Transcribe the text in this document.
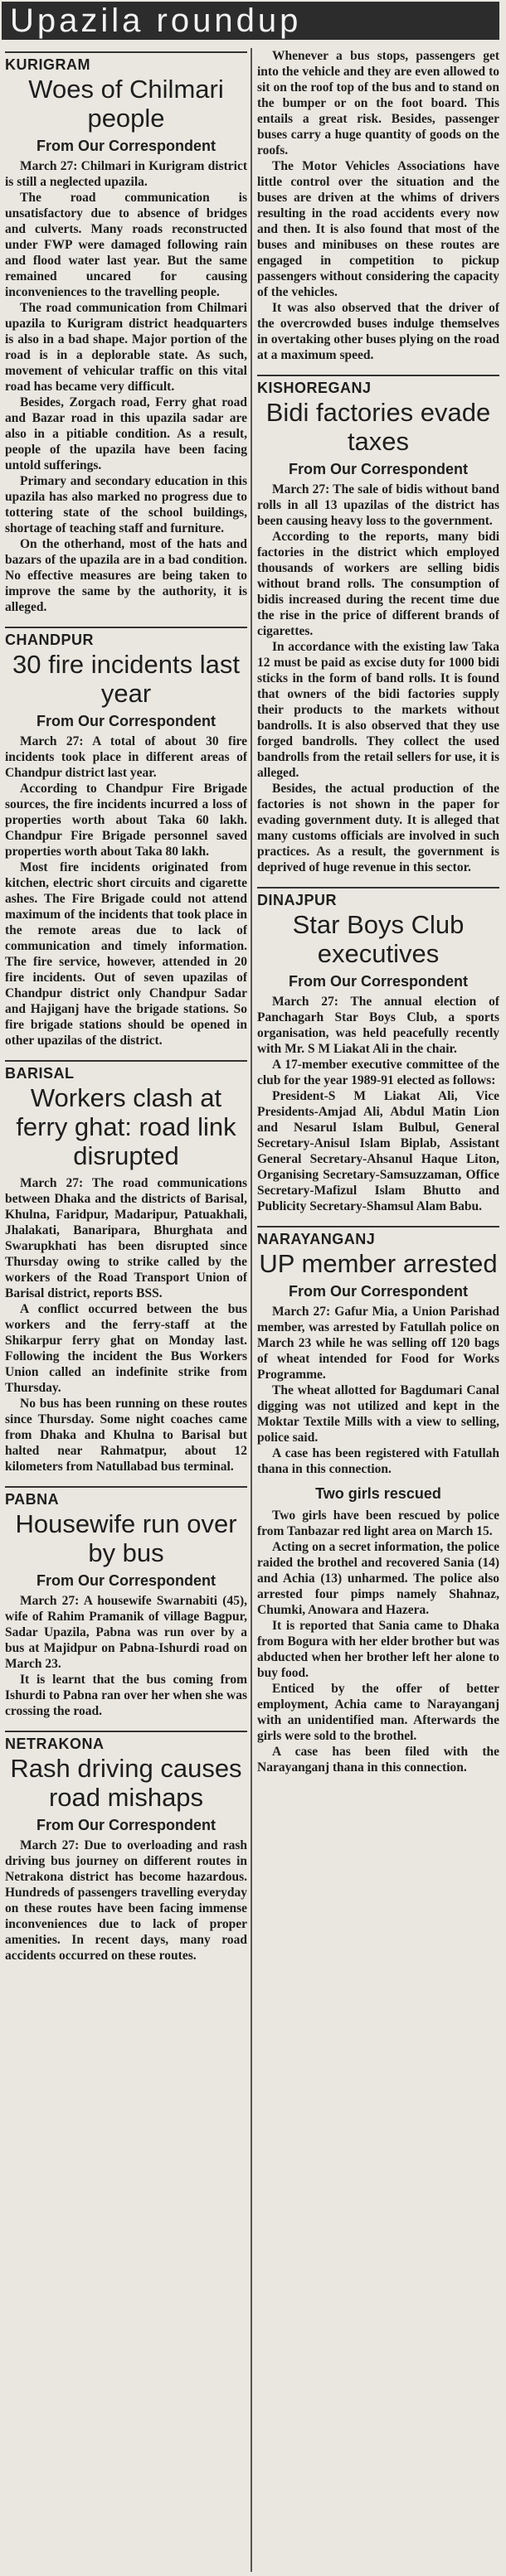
Upazila roundup
KURIGRAM
Woes of Chilmari people
From Our Correspondent

March 27: Chilmari in Kurigram district is still a neglected upazila.

The road communication is unsatisfactory due to absence of bridges and culverts. Many roads reconstructed under FWP were damaged following rain and flood water last year. But the same remained uncared for causing inconveniences to the travelling people.

The road communication from Chilmari upazila to Kurigram district headquarters is also in a bad shape. Major portion of the road is in a deplorable state. As such, movement of vehicular traffic on this vital road has became very difficult.

Besides, Zorgach road, Ferry ghat road and Bazar road in this upazila sadar are also in a pitiable condition. As a result, people of the upazila have been facing untold sufferings.

Primary and secondary education in this upazila has also marked no progress due to tottering state of the school buildings, shortage of teaching staff and furniture.

On the otherhand, most of the hats and bazars of the upazila are in a bad condition. No effective measures are being taken to improve the same by the authority, it is alleged.

CHANDPUR
30 fire incidents last year
From Our Correspondent

March 27: A total of about 30 fire incidents took place in different areas of Chandpur district last year.

According to Chandpur Fire Brigade sources, the fire incidents incurred a loss of properties worth about Taka 60 lakh. Chandpur Fire Brigade personnel saved properties worth about Taka 80 lakh.

Most fire incidents originated from kitchen, electric short circuits and cigarette ashes. The Fire Brigade could not attend maximum of the incidents that took place in the remote areas due to lack of communication and timely information. The fire service, however, attended in 20 fire incidents. Out of seven upazilas of Chandpur district only Chandpur Sadar and Hajiganj have the brigade stations. So fire brigade stations should be opened in other upazilas of the district.

BARISAL
Workers clash at ferry ghat: road link disrupted

March 27: The road communications between Dhaka and the districts of Barisal, Khulna, Faridpur, Madaripur, Patuakhali, Jhalakati, Banaripara, Bhurghata and Swarupkhati has been disrupted since Thursday owing to strike called by the workers of the Road Transport Union of Barisal district, reports BSS.

A conflict occurred between the bus workers and the ferry-staff at the Shikarpur ferry ghat on Monday last. Following the incident the Bus Workers Union called an indefinite strike from Thursday.

No bus has been running on these routes since Thursday. Some night coaches came from Dhaka and Khulna to Barisal but halted near Rahmatpur, about 12 kilometers from Natullabad bus terminal.

PABNA
Housewife run over by bus
From Our Correspondent

March 27: A housewife Swarnabiti (45), wife of Rahim Pramanik of village Bagpur, Sadar Upazila, Pabna was run over by a bus at Majidpur on Pabna-Ishurdi road on March 23.

It is learnt that the bus coming from Ishurdi to Pabna ran over her when she was crossing the road.

NETRAKONA
Rash driving causes road mishaps
From Our Correspondent

March 27: Due to overloading and rash driving bus journey on different routes in Netrakona district has become hazardous. Hundreds of passengers travelling everyday on these routes have been facing immense inconveniences due to lack of proper amenities. In recent days, many road accidents occurred on these routes.

Whenever a bus stops, passengers get into the vehicle and they are even allowed to sit on the roof top of the bus and to stand on the bumper or on the foot board. This entails a great risk. Besides, passenger buses carry a huge quantity of goods on the roofs.

The Motor Vehicles Associations have little control over the situation and the buses are driven at the whims of drivers resulting in the road accidents every now and then. It is also found that most of the buses and minibuses on these routes are engaged in competition to pickup passengers without considering the capacity of the vehicles.

It was also observed that the driver of the overcrowded buses indulge themselves in overtaking other buses plying on the road at a maximum speed.

KISHOREGANJ
Bidi factories evade taxes
From Our Correspondent

March 27: The sale of bidis without band rolls in all 13 upazilas of the district has been causing heavy loss to the government.

According to the reports, many bidi factories in the district which employed thousands of workers are selling bidis without brand rolls. The consumption of bidis increased during the recent time due the rise in the price of different brands of cigarettes.

In accordance with the existing law Taka 12 must be paid as excise duty for 1000 bidi sticks in the form of band rolls. It is found that owners of the bidi factories supply their products to the markets without bandrolls. It is also observed that they use forged bandrolls. They collect the used bandrolls from the retail sellers for use, it is alleged.

Besides, the actual production of the factories is not shown in the paper for evading government duty. It is alleged that many customs officials are involved in such practices. As a result, the government is deprived of huge revenue in this sector.

DINAJPUR
Star Boys Club executives
From Our Correspondent

March 27: The annual election of Panchagarh Star Boys Club, a sports organisation, was held peacefully recently with Mr. S M Liakat Ali in the chair.

A 17-member executive committee of the club for the year 1989-91 elected as follows:

President-S M Liakat Ali, Vice Presidents-Amjad Ali, Abdul Matin Lion and Nesarul Islam Bulbul, General Secretary-Anisul Islam Biplab, Assistant General Secretary-Ahsanul Haque Liton, Organising Secretary-Samsuzzaman, Office Secretary-Mafizul Islam Bhutto and Publicity Secretary-Shamsul Alam Babu.

NARAYANGANJ
UP member arrested
From Our Correspondent

March 27: Gafur Mia, a Union Parishad member, was arrested by Fatullah police on March 23 while he was selling off 120 bags of wheat intended for Food for Works Programme.

The wheat allotted for Bagdumari Canal digging was not utilized and kept in the Moktar Textile Mills with a view to selling, police said.

A case has been registered with Fatullah thana in this connection.

Two girls rescued

Two girls have been rescued by police from Tanbazar red light area on March 15.

Acting on a secret information, the police raided the brothel and recovered Sania (14) and Achia (13) unharmed. The police also arrested four pimps namely Shahnaz, Chumki, Anowara and Hazera.

It is reported that Sania came to Dhaka from Bogura with her elder brother but was abducted when her brother left her alone to buy food.

Enticed by the offer of better employment, Achia came to Narayanganj with an unidentified man. Afterwards the girls were sold to the brothel.

A case has been filed with the Narayanganj thana in this connection.
